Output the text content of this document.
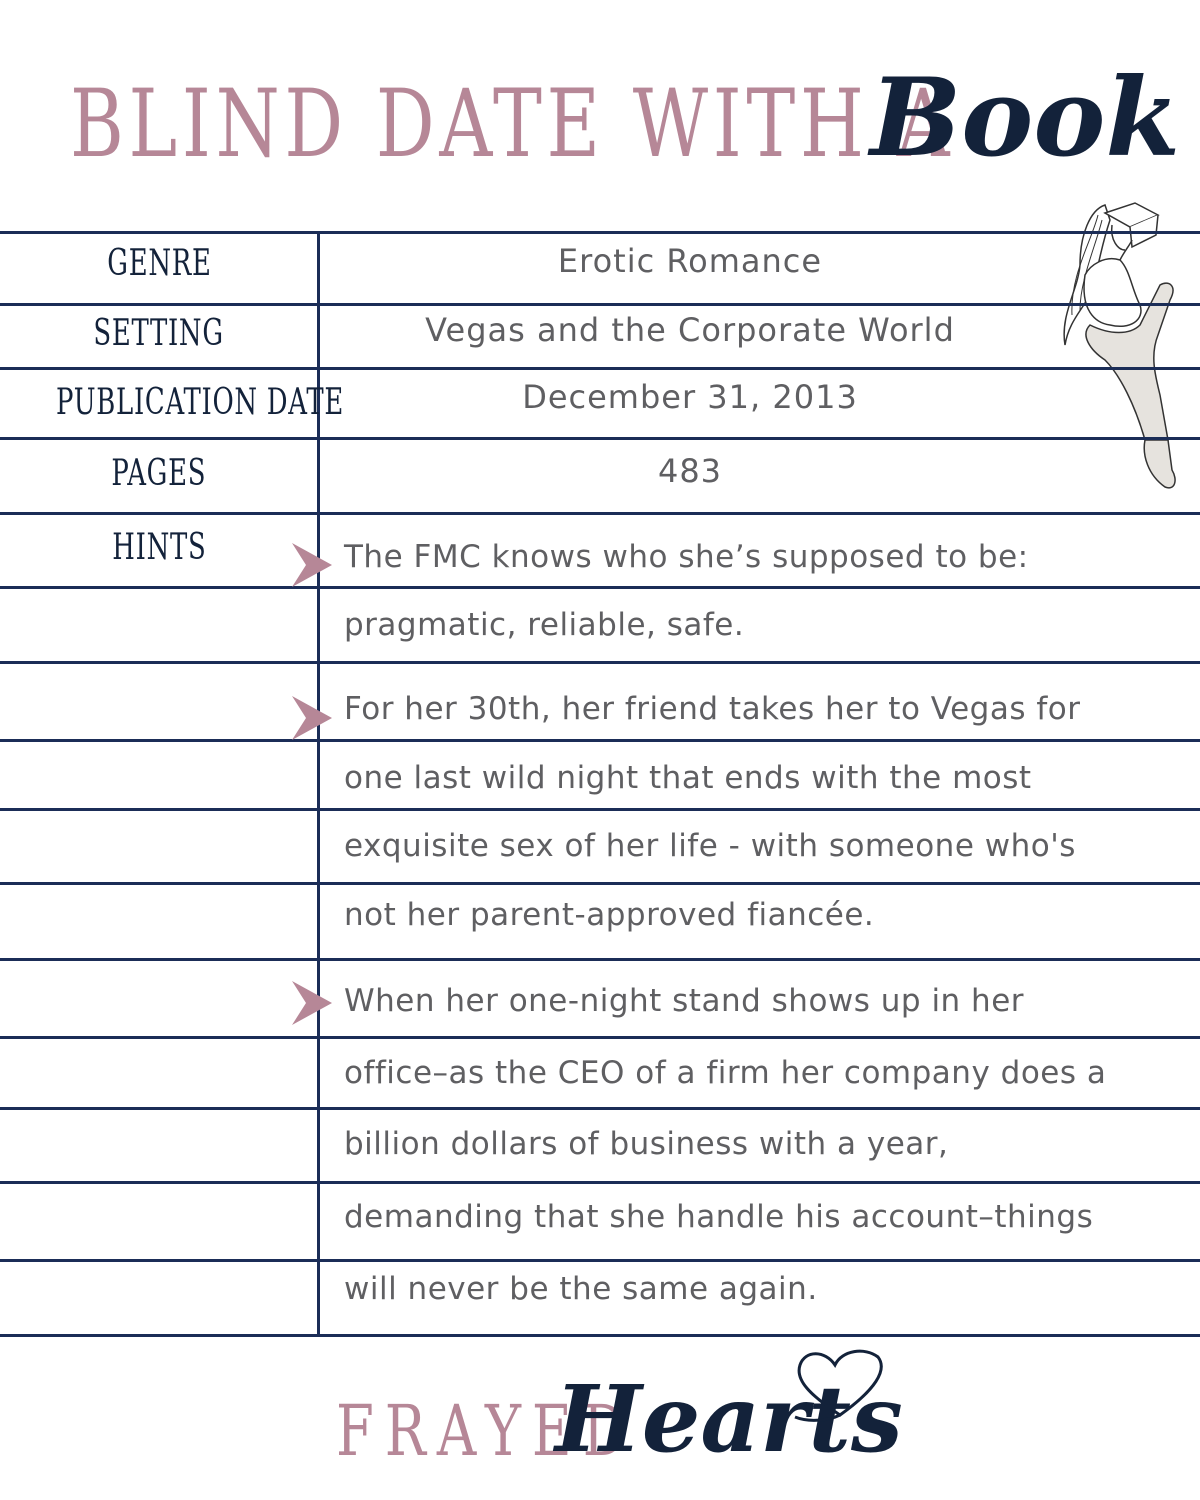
BLIND DATE WITH A
Book
GENRE	Erotic Romance
SETTING	Vegas and the Corporate World
PUBLICATION DATE	December 31, 2013
PAGES	483
HINTS	The FMC knows who she’s supposed to be:
pragmatic, reliable, safe.
For her 30th, her friend takes her to Vegas for
one last wild night that ends with the most
exquisite sex of her life - with someone who's
not her parent-approved fiancée.
When her one-night stand shows up in her
office–as the CEO of a firm her company does a
billion dollars of business with a year,
demanding that she handle his account–things
will never be the same again.
FRAYED
Hearts
